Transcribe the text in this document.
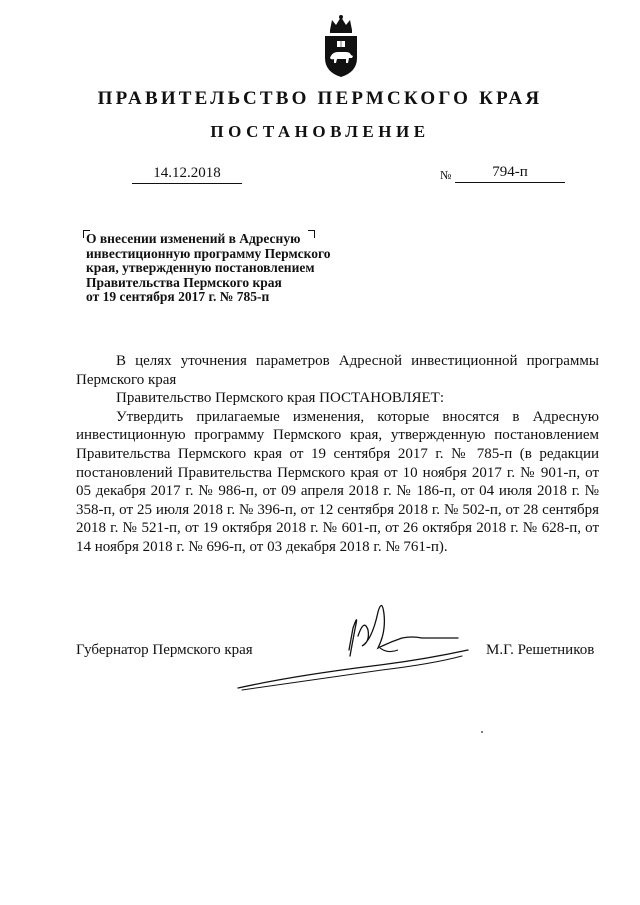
ПРАВИТЕЛЬСТВО ПЕРМСКОГО КРАЯ
ПОСТАНОВЛЕНИЕ
14.12.2018	№	794-п
О внесении изменений в Адресную
инвестиционную программу Пермского
края, утвержденную постановлением
Правительства Пермского края
от 19 сентября 2017 г. № 785-п

В целях уточнения параметров Адресной инвестиционной программы Пермского края

Правительство Пермского края ПОСТАНОВЛЯЕТ:

Утвердить прилагаемые изменения, которые вносятся в Адресную инвестиционную программу Пермского края, утвержденную постановлением Правительства Пермского края от 19 сентября 2017 г. № 785-п (в редакции постановлений Правительства Пермского края от 10 ноября 2017 г. № 901-п, от 05 декабря 2017 г. № 986-п, от 09 апреля 2018 г. № 186-п, от 04 июля 2018 г. № 358-п, от 25 июля 2018 г. № 396-п, от 12 сентября 2018 г. № 502-п, от 28 сентября 2018 г. № 521-п, от 19 октября 2018 г. № 601-п, от 26 октября 2018 г. № 628-п, от 14 ноября 2018 г. № 696-п, от 03 декабря 2018 г. № 761-п).

Губернатор Пермского края	М.Г. Решетников
